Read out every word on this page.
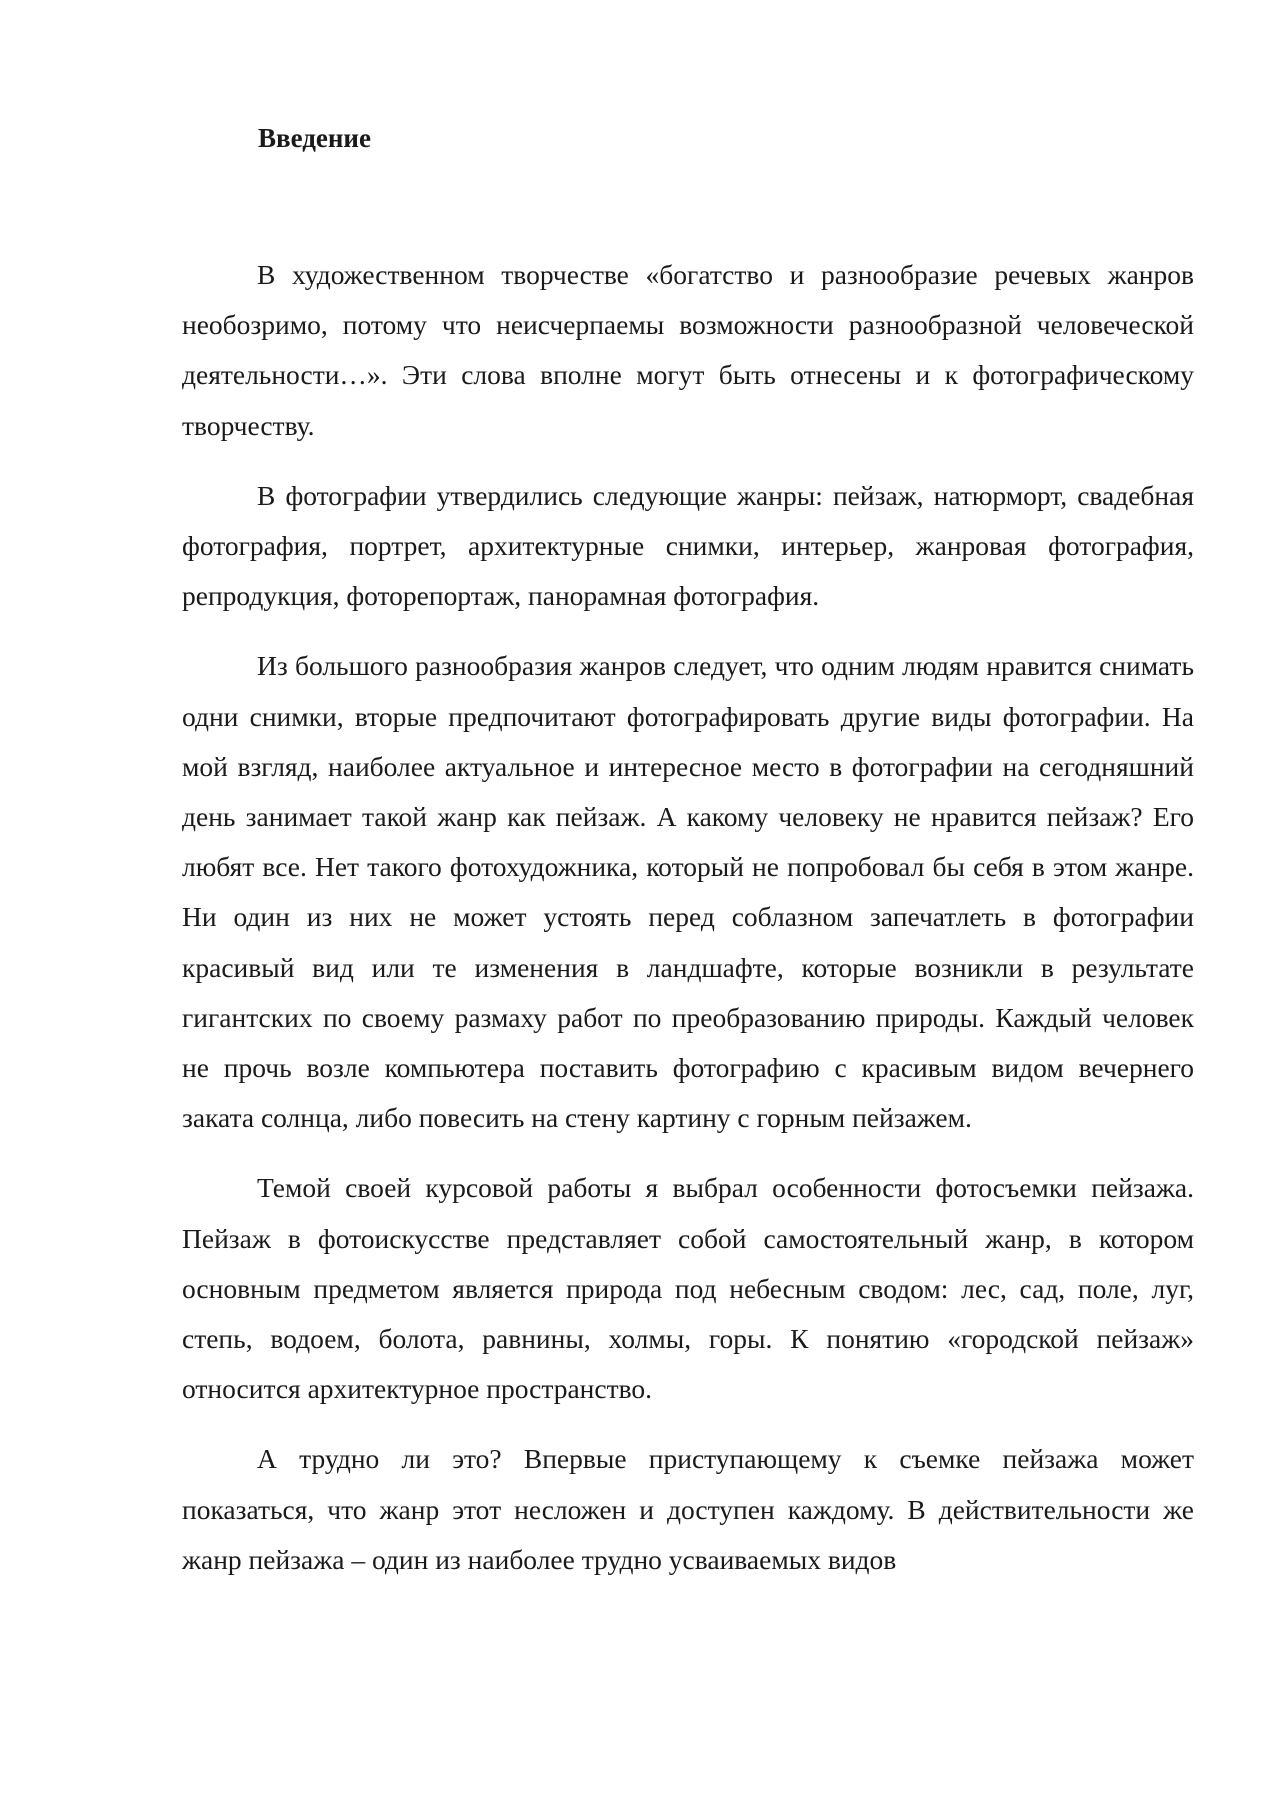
Введение

В художественном творчестве «богатство и разнообразие речевых жанров необозримо, потому что неисчерпаемы возможности разнообразной человеческой деятельности…». Эти слова вполне могут быть отнесены и к фотографическому творчеству.

В фотографии утвердились следующие жанры: пейзаж, натюрморт, свадебная фотография, портрет, архитектурные снимки, интерьер, жанровая фотография, репродукция, фоторепортаж, панорамная фотография.

Из большого разнообразия жанров следует, что одним людям нравится снимать одни снимки, вторые предпочитают фотографировать другие виды фотографии. На мой взгляд, наиболее актуальное и интересное место в фотографии на сегодняшний день занимает такой жанр как пейзаж. А какому человеку не нравится пейзаж? Его любят все. Нет такого фотохудожника, который не попробовал бы себя в этом жанре. Ни один из них не может устоять перед соблазном запечатлеть в фотографии красивый вид или те изменения в ландшафте, которые возникли в результате гигантских по своему размаху работ по преобразованию природы. Каждый человек не прочь возле компьютера поставить фотографию с красивым видом вечернего заката солнца, либо повесить на стену картину с горным пейзажем.

Темой своей курсовой работы я выбрал особенности фотосъемки пейзажа. Пейзаж в фотоискусстве представляет собой самостоятельный жанр, в котором основным предметом является природа под небесным сводом: лес, сад, поле, луг, степь, водоем, болота, равнины, холмы, горы. К понятию «городской пейзаж» относится архитектурное пространство.

А трудно ли это? Впервые приступающему к съемке пейзажа может показаться, что жанр этот несложен и доступен каждому. В действительности же жанр пейзажа – один из наиболее трудно усваиваемых видов
